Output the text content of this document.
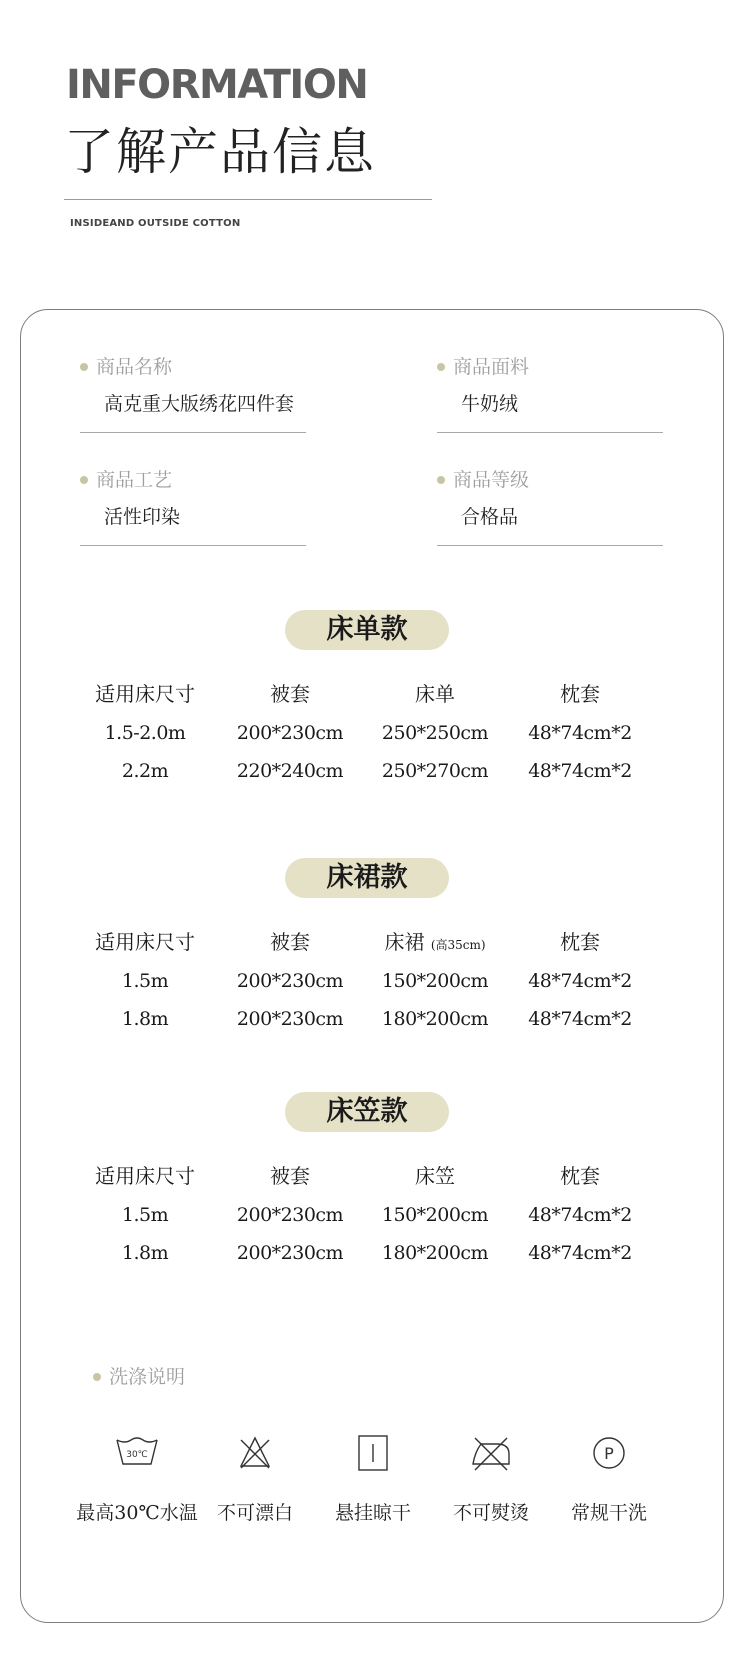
INFORMATION
了解产品信息
INSIDEAND OUTSIDE COTTON
商品名称
高克重大版绣花四件套
商品面料
牛奶绒
商品工艺
活性印染
商品等级
合格品
床单款
适用床尺寸	被套	床单	枕套
1.5-2.0m	200*230cm	250*250cm	48*74cm*2
2.2m	220*240cm	250*270cm	48*74cm*2
床裙款
适用床尺寸	被套	床裙 (高35cm)	枕套
1.5m	200*230cm	150*200cm	48*74cm*2
1.8m	200*230cm	180*200cm	48*74cm*2
床笠款
适用床尺寸	被套	床笠	枕套
1.5m	200*230cm	150*200cm	48*74cm*2
1.8m	200*230cm	180*200cm	48*74cm*2
洗涤说明
30℃
最高30℃水温	不可漂白	悬挂晾干	不可熨烫
P
常规干洗
